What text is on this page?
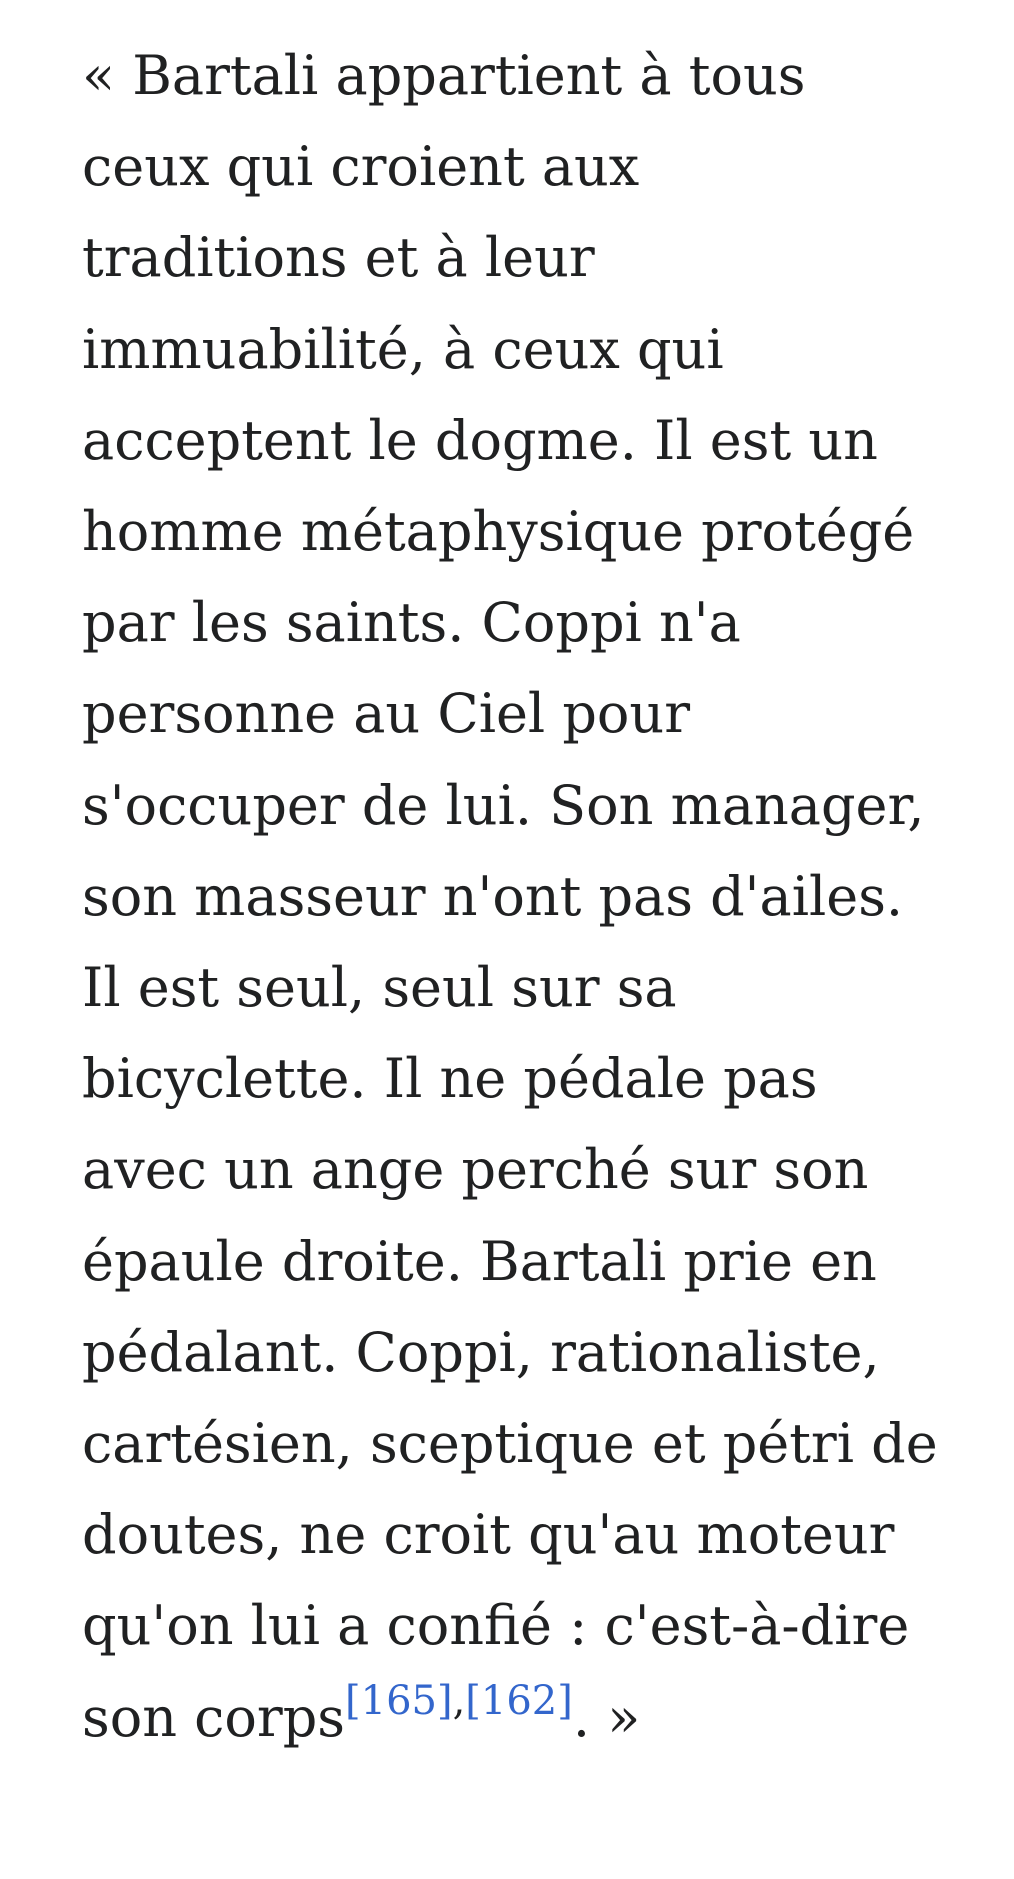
« Bartali appartient à tous
ceux qui croient aux
traditions et à leur
immuabilité, à ceux qui
acceptent le dogme. Il est un
homme métaphysique protégé
par les saints. Coppi n'a
personne au Ciel pour
s'occuper de lui. Son manager,
son masseur n'ont pas d'ailes.
Il est seul, seul sur sa
bicyclette. Il ne pédale pas
avec un ange perché sur son
épaule droite. Bartali prie en
pédalant. Coppi, rationaliste,
cartésien, sceptique et pétri de
doutes, ne croit qu'au moteur
qu'on lui a confié : c'est-à-dire
son corps[165],[162]. »
